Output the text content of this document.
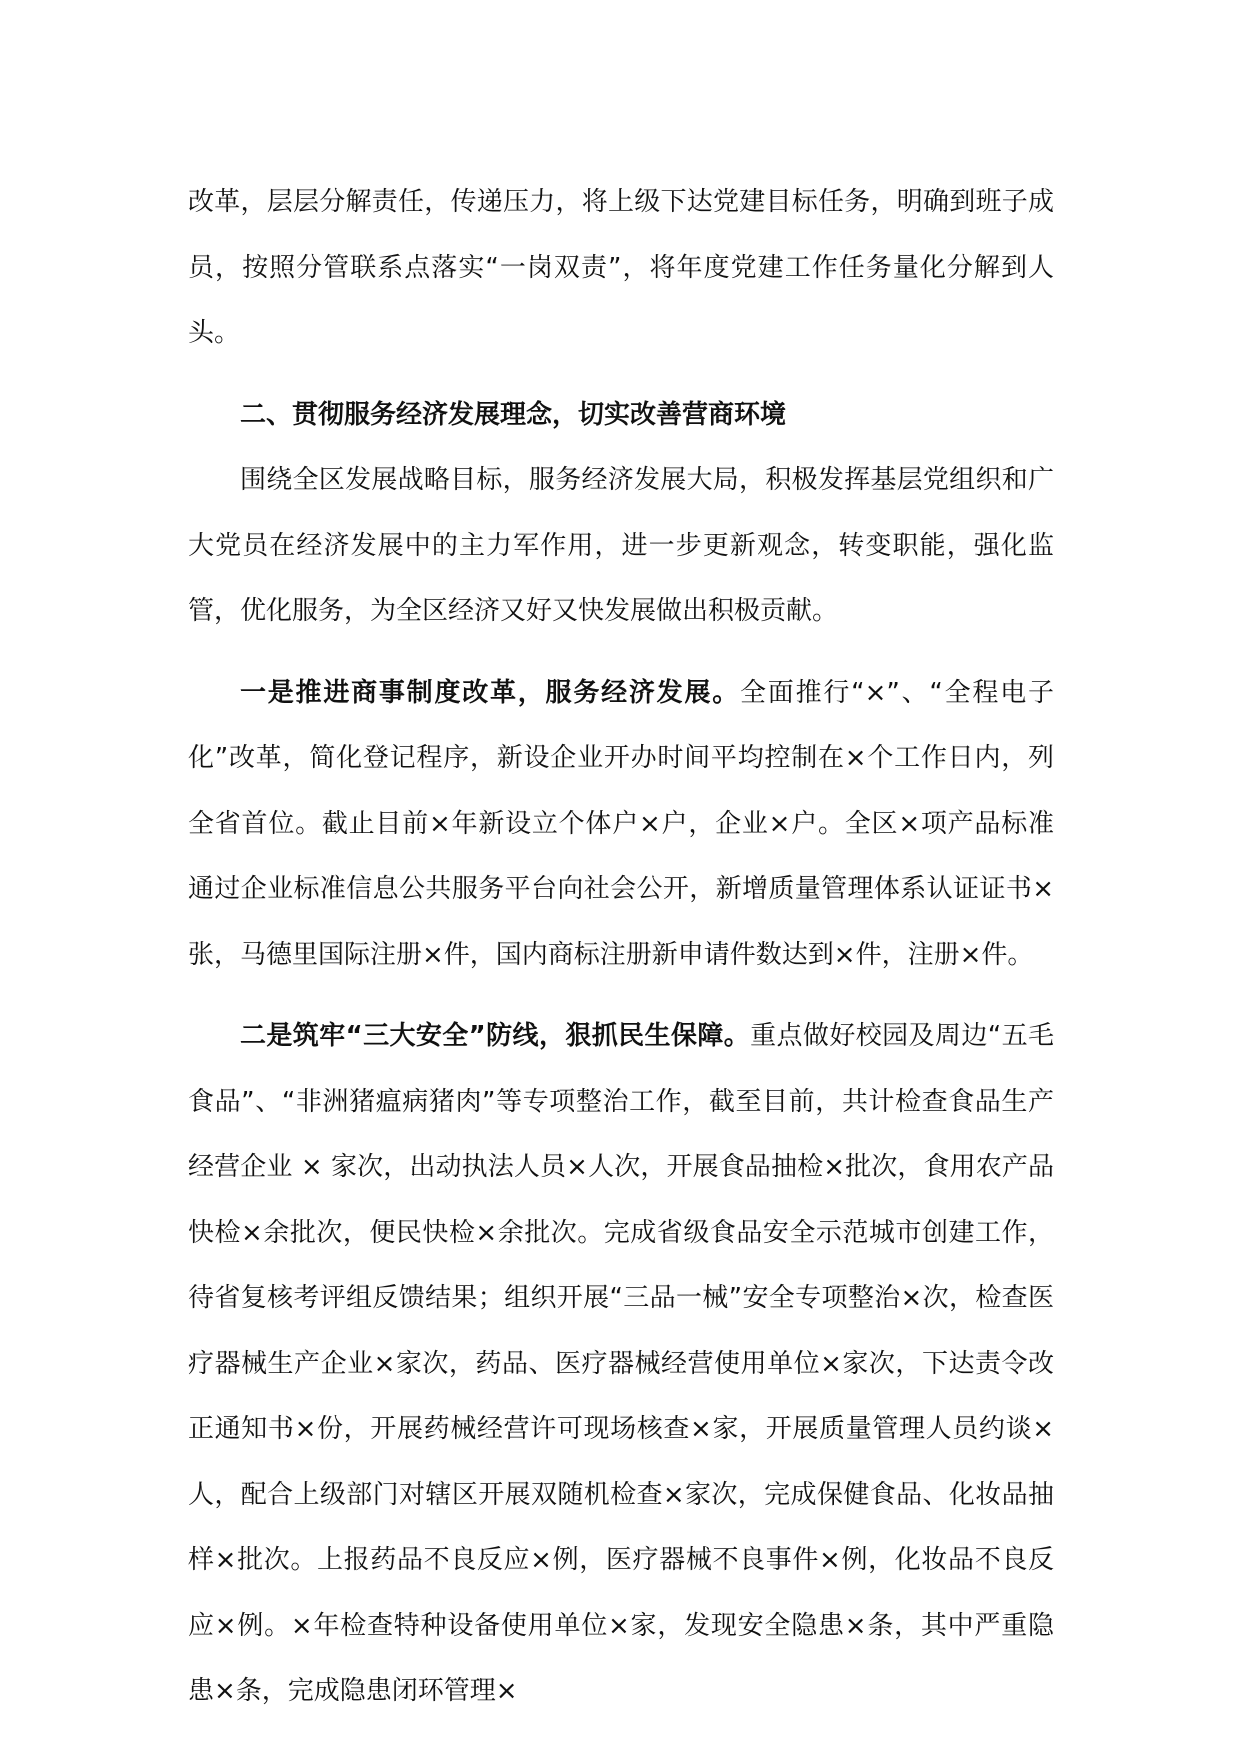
改革，层层分解责任，传递压力，将上级下达党建目标任务，明确到班子成员，按照分管联系点落实“一岗双责”，将年度党建工作任务量化分解到人头。

二、贯彻服务经济发展理念，切实改善营商环境

围绕全区发展战略目标，服务经济发展大局，积极发挥基层党组织和广大党员在经济发展中的主力军作用，进一步更新观念，转变职能，强化监管，优化服务，为全区经济又好又快发展做出积极贡献。

一是推进商事制度改革，服务经济发展。全面推行“×”、“全程电子化”改革，简化登记程序，新设企业开办时间平均控制在×个工作日内，列全省首位。截止目前×年新设立个体户×户，企业×户。全区×项产品标准通过企业标准信息公共服务平台向社会公开，新增质量管理体系认证证书×张，马德里国际注册×件，国内商标注册新申请件数达到×件，注册×件。

二是筑牢“三大安全”防线，狠抓民生保障。重点做好校园及周边“五毛食品”、“非洲猪瘟病猪肉”等专项整治工作，截至目前，共计检查食品生产经营企业 × 家次，出动执法人员×人次，开展食品抽检×批次，食用农产品快检×余批次，便民快检×余批次。完成省级食品安全示范城市创建工作，待省复核考评组反馈结果；组织开展“三品一械”安全专项整治×次，检查医疗器械生产企业×家次，药品、医疗器械经营使用单位×家次，下达责令改正通知书×份，开展药械经营许可现场核查×家，开展质量管理人员约谈×人，配合上级部门对辖区开展双随机检查×家次，完成保健食品、化妆品抽样×批次。上报药品不良反应×例，医疗器械不良事件×例，化妆品不良反应×例。×年检查特种设备使用单位×家，发现安全隐患×条，其中严重隐患×条，完成隐患闭环管理×
